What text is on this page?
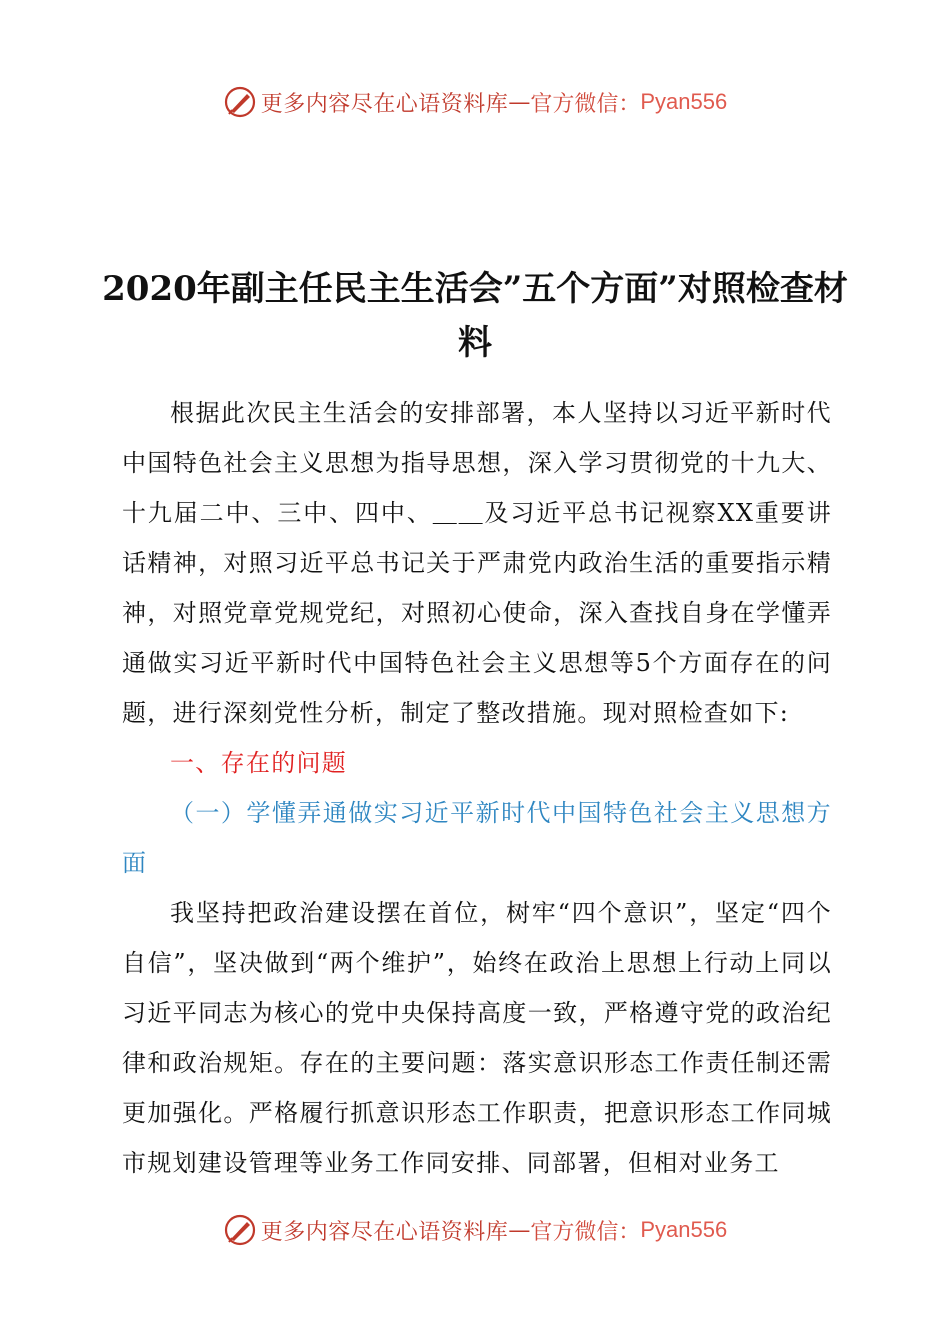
更多内容尽在心语资料库 — 官方微信： Pyan556
2020年副主任民主生活会”五个方面”对照检查材料

根据此次民主生活会的安排部署，本人坚持以习近平新时代中国特色社会主义思想为指导思想，深入学习贯彻党的十九大、十九届二中、三中、四中、＿＿及习近平总书记视察XX重要讲话精神，对照习近平总书记关于严肃党内政治生活的重要指示精神，对照党章党规党纪，对照初心使命，深入查找自身在学懂弄通做实习近平新时代中国特色社会主义思想等5个方面存在的问题，进行深刻党性分析，制定了整改措施。现对照检查如下:

一、存在的问题

（一）学懂弄通做实习近平新时代中国特色社会主义思想方面

我坚持把政治建设摆在首位，树牢“四个意识”，坚定“四个自信”，坚决做到“两个维护”，始终在政治上思想上行动上同以习近平同志为核心的党中央保持高度一致，严格遵守党的政治纪律和政治规矩。存在的主要问题：落实意识形态工作责任制还需更加强化。严格履行抓意识形态工作职责，把意识形态工作同城市规划建设管理等业务工作同安排、同部署，但相对业务工

更多内容尽在心语资料库 — 官方微信： Pyan556
